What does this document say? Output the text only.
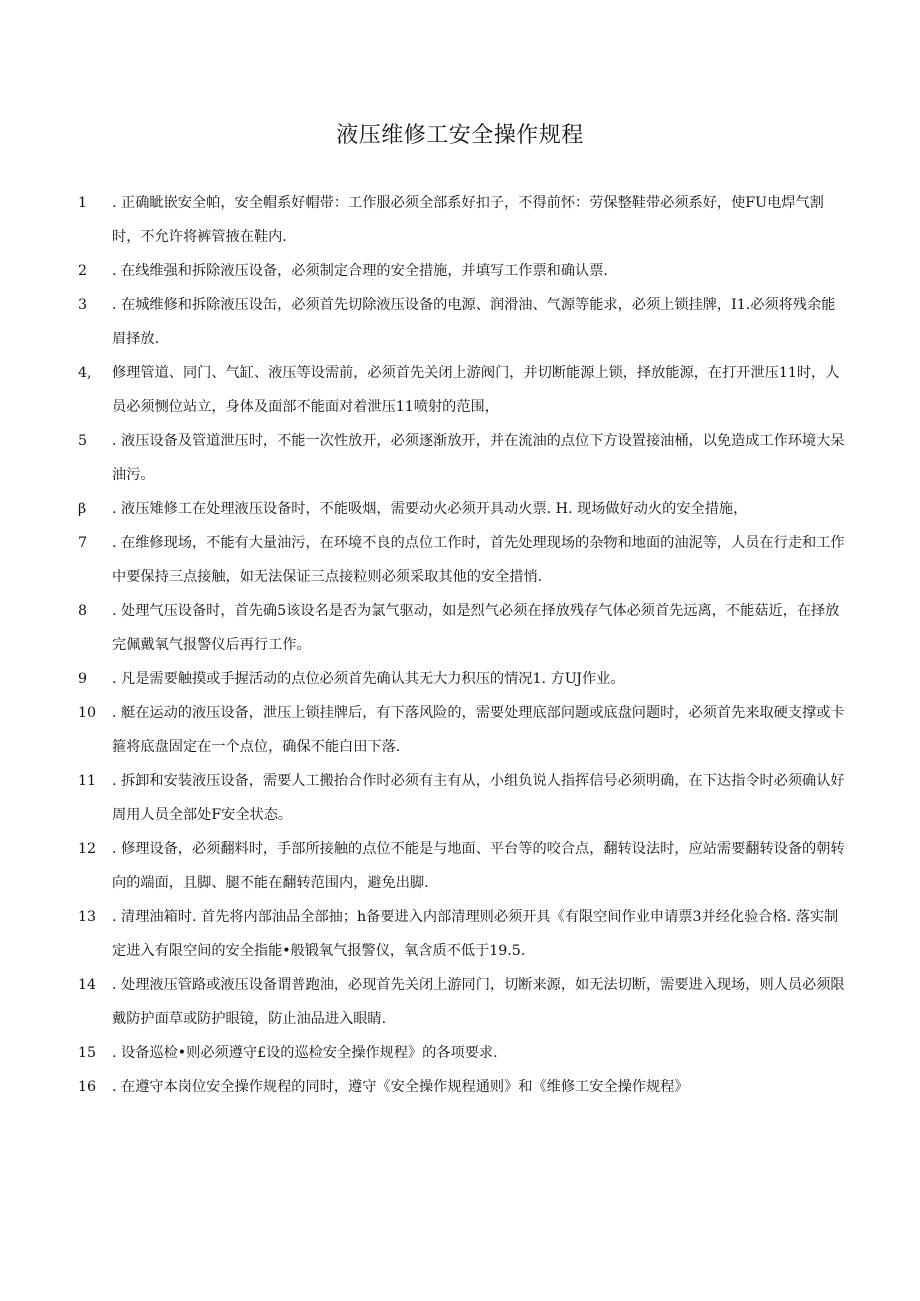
液压维修工安全操作规程
1	. 正确眦嵌安全帕，安全帽系好帽带：工作服必须全部系好扣子，不得前怀：劳保整鞋带必须系好，使FU电焊气割时，不允许将裤管掖在鞋内.
2	. 在线维强和拆除液压设备，必须制定合理的安全措施，并填写工作票和确认票.
3	. 在城维修和拆除液压设缶，必须首先切除液压设备的电源、润滑油、气源等能求，必须上锁挂牌，I1.必须将残余能眉择放.
4,	修理管道、同门、气缸、液压等设需前，必须首先关闭上游阀门，并切断能源上锁，择放能源，在打开泄压11时，人员必须恻位站立，身体及面部不能面对着泄压11喷射的范围，
5	. 液压设备及管道泄压时，不能一次性放开，必须逐渐放开，并在流油的点位下方设置接油桶，以免造成工作环境大呆油污。
β	. 液压雉修工在处理液压设备时，不能吸烟，需要动火必须开具动火票. H. 现场做好动火的安全措施，
7	. 在维修现场，不能有大量油污，在环境不良的点位工作时，首先处理现场的杂物和地面的油泥等，人员在行走和工作中要保持三点接触，如无法保证三点接粒则必须采取其他的安全措悄.
8	. 处理气压设备时，首先确5该设名是否为氯气驱动，如是烈气必须在择放残存气体必须首先远离，不能菇近，在择放完佩戴氧气报警仪后再行工作。
9	. 凡是需要触摸或手握活动的点位必须首先确认其无大力积压的情况1. 方UJ作业。
10	. 艇在运动的液压设备，泄压上锁挂牌后，有下落风险的，需要处理底部问题或底盘问题时，必须首先来取硬支撑或卡箍将底盘固定在一个点位，确保不能白田下落.
11	. 拆卸和安装液压设备，需要人工搬抬合作时必须有主有从，小组负说人指挥信号必须明确，在下达指令时必须确认好周用人员全部处F安全状态。
12	. 修理设备，必须翻料时，手部所接触的点位不能是与地面、平台等的咬合点，翻转设法时，应站需要翻转设备的朝转向的端面，且脚、腿不能在翻转范围内，避免出脚.
13	. 清理油箱时. 首先将内部油品全部抽；h备要进入内部清理则必须开具《有限空间作业申请票3并经化验合格. 落实制定进入有限空间的安全指能•般锻氧气报警仪，氧含质不低于19.5.
14	. 处理液压管路或液压设备谓普跑油，必现首先关闭上游同门，切断来源，如无法切断，需要进入现场，则人员必须限戴防护面草或防护眼镜，防止油品进入眼睛.
15	. 设备巡检•则必须遵守£设的巡检安全操作规程》的各项要求.
16	. 在遵守本岗位安全操作规程的同时，遵守《安全操作规程通则》和《维修工安全操作规程》
